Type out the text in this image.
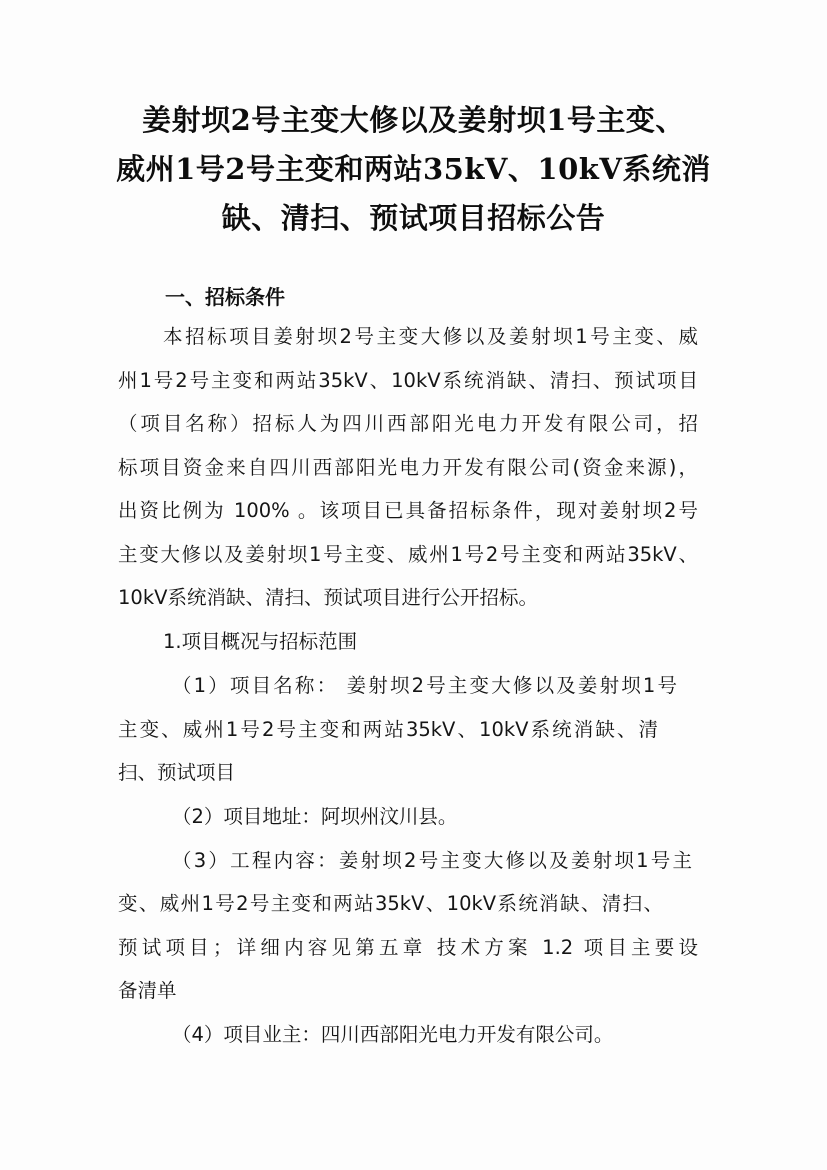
姜射坝2号主变大修以及姜射坝1号主变、
威州1号2号主变和两站35kV、10kV系统消
缺、清扫、预试项目招标公告
一、招标条件
本招标项目姜射坝2号主变大修以及姜射坝1号主变、威
州1号2号主变和两站35kV、10kV系统消缺、清扫、预试项目
（项目名称）招标人为四川西部阳光电力开发有限公司，招
标项目资金来自四川西部阳光电力开发有限公司(资金来源)，
出资比例为 100% 。该项目已具备招标条件，现对姜射坝2号
主变大修以及姜射坝1号主变、威州1号2号主变和两站35kV、
10kV系统消缺、清扫、预试项目进行公开招标。
1.项目概况与招标范围
（1）项目名称： 姜射坝2号主变大修以及姜射坝1号
主变、威州1号2号主变和两站35kV、10kV系统消缺、清
扫、预试项目
（2）项目地址：阿坝州汶川县。
（3）工程内容：姜射坝2号主变大修以及姜射坝1号主
变、威州1号2号主变和两站35kV、10kV系统消缺、清扫、
预试项目；详细内容见第五章 技术方案 1.2 项目主要设
备清单
（4）项目业主：四川西部阳光电力开发有限公司。
